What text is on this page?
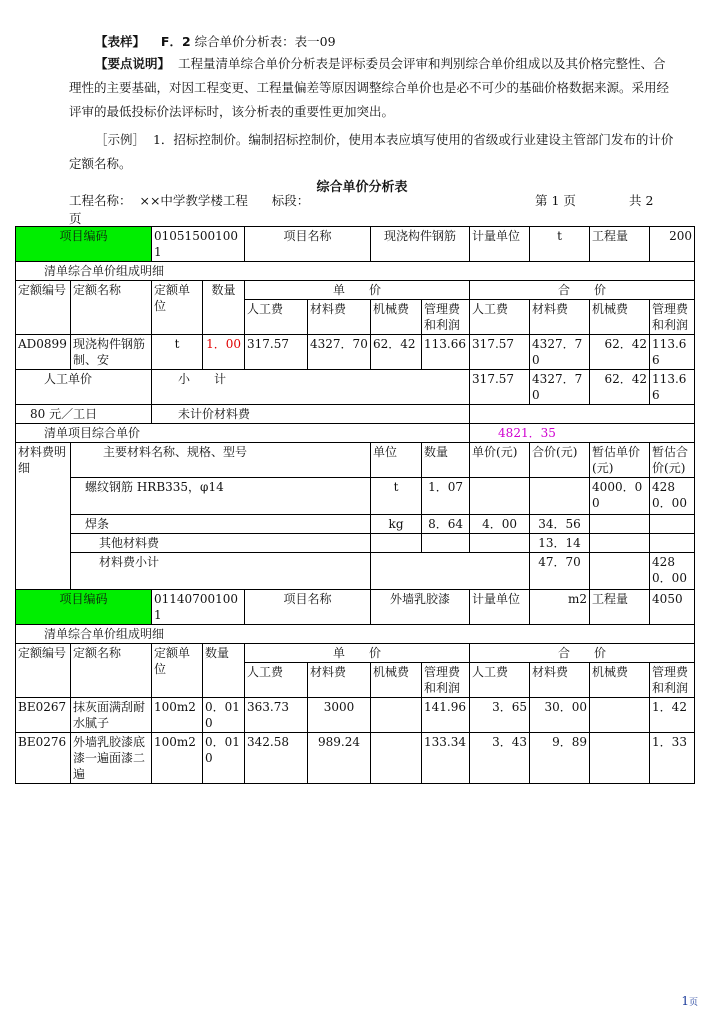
【表样】 F．2 综合单价分析表：表一09
【要点说明】 工程量清单综合单价分析表是评标委员会评审和判别综合单价组成以及其价格完整性、合理性的主要基础，对因工程变更、工程量偏差等原因调整综合单价也是必不可少的基础价格数据来源。采用经评审的最低投标价法评标时，该分析表的重要性更加突出。
［示例］ 1．招标控制价。编制招标控制价，使用本表应填写使用的省级或行业建设主管部门发布的计价定额名称。
综合单价分析表
工程名称： ××中学教学楼工程 标段：	第 1 页	共 2

页
项目编码		010515001001		项目名称		现浇构件钢筋		计量单位	t	工程量	200
清单综合单价组成明细											
定额编号	定额名称	定额单位	数量	单　　价				合　　价			
				人工费	材料费	机械费	管理费和利润	人工费	材料费	机械费	管理费和利润
AD0899	现浇构件钢筋制、安	t	1．00	317.57	4327．70	62．42	113.66	317.57	4327．70	62．42	113.66
人工单价		小　　计						317.57	4327．70	62．42	113.66
80 元／工日		未计价材料费									
清单项目综合单价								4821．35			
材料费明细	主要材料名称、规格、型号					单位	数量	单价(元)	合价(元)	暂估单价(元)	暂估合价(元)
	螺纹钢筋 HRB335，φ14					t	1．07			4000．00	4280．00
	焊条					kg	8．64	4．00	34．56		
	其他材料费								13．14		
	材料费小计								47．70		4280．00
项目编码		011407001001		项目名称		外墙乳胶漆		计量单位	m2	工程量	4050
清单综合单价组成明细											
定额编号	定额名称	定额单位	数量	单　　价				合　　价			
				人工费	材料费	机械费	管理费和利润	人工费	材料费	机械费	管理费和利润
BE0267	抹灰面满刮耐水腻子	100m2	0．010	363.73	3000		141.96	3．65	30．00		1．42
BE0276	外墙乳胶漆底漆一遍面漆二遍	100m2	0．010	342.58	989.24		133.34	3．43	9．89		1．33
1页
